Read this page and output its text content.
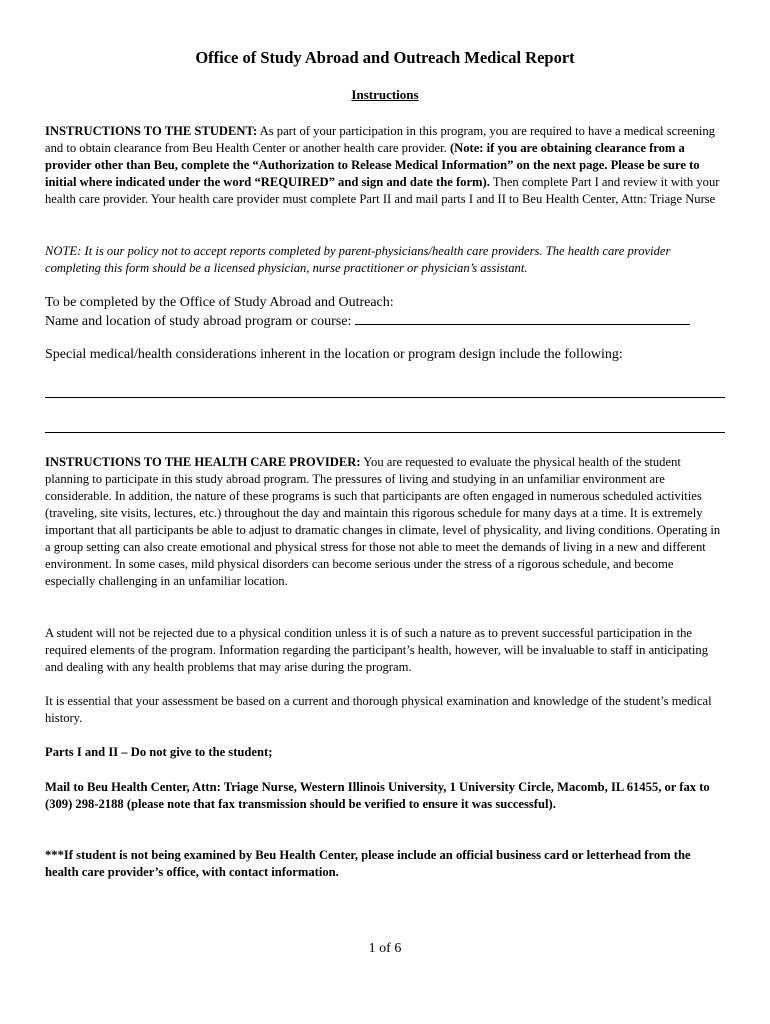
Office of Study Abroad and Outreach Medical Report
Instructions

INSTRUCTIONS TO THE STUDENT: As part of your participation in this program, you are required to have a medical screening and to obtain clearance from Beu Health Center or another health care provider. (Note: if you are obtaining clearance from a provider other than Beu, complete the “Authorization to Release Medical Information” on the next page. Please be sure to initial where indicated under the word “REQUIRED” and sign and date the form). Then complete Part I and review it with your health care provider. Your health care provider must complete Part II and mail parts I and II to Beu Health Center, Attn: Triage Nurse

NOTE: It is our policy not to accept reports completed by parent-physicians/health care providers. The health care provider completing this form should be a licensed physician, nurse practitioner or physician’s assistant.

To be completed by the Office of Study Abroad and Outreach:
Name and location of study abroad program or course:
Special medical/health considerations inherent in the location or program design include the following:

INSTRUCTIONS TO THE HEALTH CARE PROVIDER: You are requested to evaluate the physical health of the student planning to participate in this study abroad program. The pressures of living and studying in an unfamiliar environment are considerable. In addition, the nature of these programs is such that participants are often engaged in numerous scheduled activities (traveling, site visits, lectures, etc.) throughout the day and maintain this rigorous schedule for many days at a time. It is extremely important that all participants be able to adjust to dramatic changes in climate, level of physicality, and living conditions. Operating in a group setting can also create emotional and physical stress for those not able to meet the demands of living in a new and different environment. In some cases, mild physical disorders can become serious under the stress of a rigorous schedule, and become especially challenging in an unfamiliar location.

A student will not be rejected due to a physical condition unless it is of such a nature as to prevent successful participation in the required elements of the program. Information regarding the participant’s health, however, will be invaluable to staff in anticipating and dealing with any health problems that may arise during the program.

It is essential that your assessment be based on a current and thorough physical examination and knowledge of the student’s medical history.

Parts I and II – Do not give to the student;

Mail to Beu Health Center, Attn: Triage Nurse, Western Illinois University, 1 University Circle, Macomb, IL 61455, or fax to (309) 298-2188 (please note that fax transmission should be verified to ensure it was successful).

***If student is not being examined by Beu Health Center, please include an official business card or letterhead from the health care provider’s office, with contact information.

1 of 6
